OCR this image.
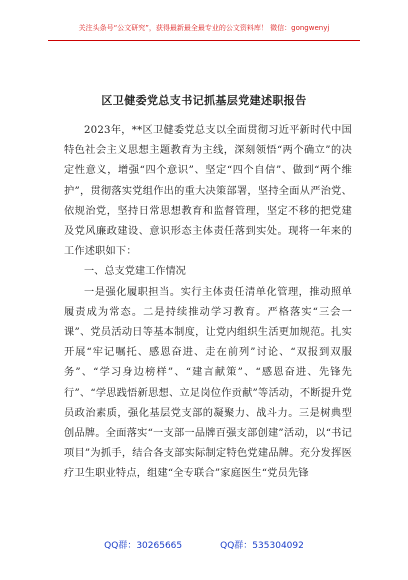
关注头条号“公文研究”，获得最新最全最专业的公文资料库！ 微信：gongwenyj
区卫健委党总支书记抓基层党建述职报告

2023年，**区卫健委党总支以全面贯彻习近平新时代中国特色社会主义思想主题教育为主线，深刻领悟“两个确立”的决定性意义，增强“四个意识”、坚定“四个自信”、做到“两个维护”，贯彻落实党组作出的重大决策部署，坚持全面从严治党、依规治党，坚持日常思想教育和监督管理，坚定不移的把党建及党风廉政建设、意识形态主体责任落到实处。现将一年来的工作述职如下：

一、总支党建工作情况

一是强化履职担当。实行主体责任清单化管理，推动照单履责成为常态。二是持续推动学习教育。严格落实“三会一课”、党员活动日等基本制度，让党内组织生活更加规范。扎实开展“牢记嘱托、感恩奋进、走在前列”讨论、“双报到双服务”、“学习身边榜样”、“建言献策”、“感恩奋进、先锋先行”、“学思践悟新思想、立足岗位作贡献”等活动，不断提升党员政治素质，强化基层党支部的凝聚力、战斗力。三是树典型创品牌。全面落实“一支部一品牌百强支部创建”活动，以“书记项目”为抓手，结合各支部实际制定特色党建品牌。充分发挥医疗卫生职业特点，组建“全专联合”家庭医生“党员先锋

QQ群：30265665	QQ群：535304092
